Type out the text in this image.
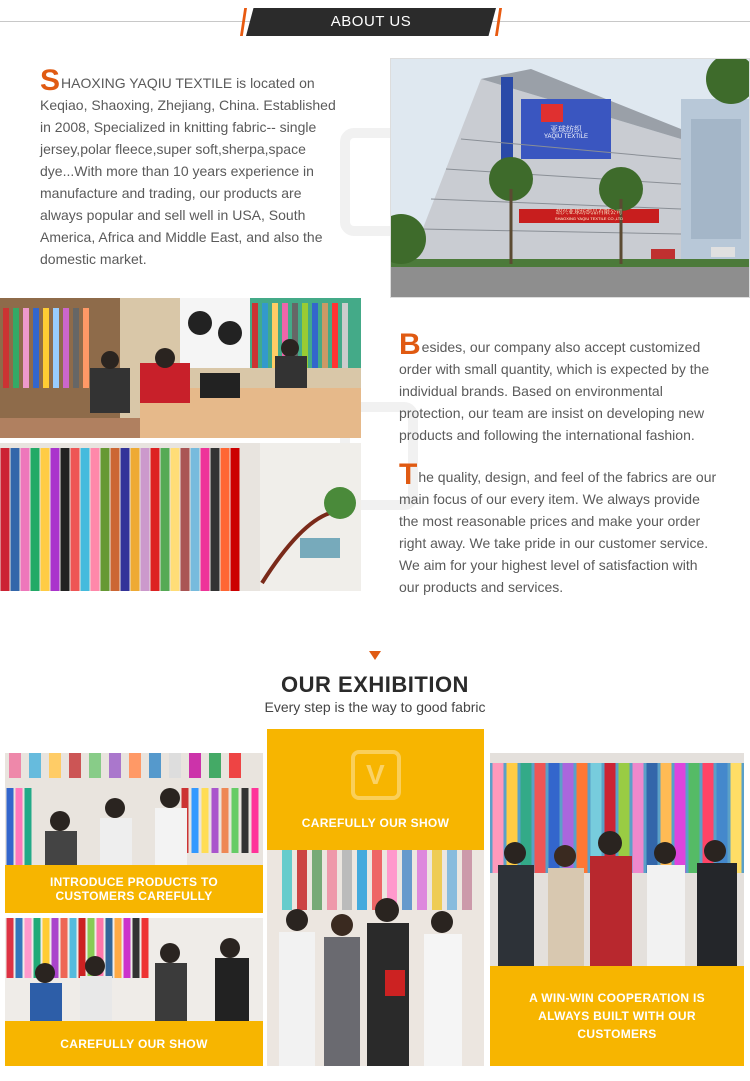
ABOUT US
SHAOXING YAQIU TEXTILE is located on Keqiao, Shaoxing, Zhejiang, China. Established in 2008, Specialized in knitting fabric-- single jersey,polar fleece,super soft,sherpa,space dye...With more than 10 years experience in manufacture and trading, our products are always popular and sell well in USA, South America, Africa and Middle East, and also the domestic market.
亚球纺织
YAQIU TEXTILE
绍兴亚球纺织品有限公司
SHAOXING YAQIU TEXTILE CO.,LTD
Besides, our company also accept customized order with small quantity, which is expected by the individual brands. Based on environmental protection, our team are insist on developing new products and following the international fashion.
The quality, design, and feel of the fabrics are our main focus of our every item. We always provide the most reasonable prices and make your order right away. We take pride in our customer service. We aim for your highest level of satisfaction with our products and services.
OUR EXHIBITION
Every step is the way to good fabric
INTRODUCE PRODUCTS TO CUSTOMERS CAREFULLY
CAREFULLY OUR SHOW
V
CAREFULLY OUR SHOW
A WIN-WIN COOPERATION IS ALWAYS BUILT WITH OUR CUSTOMERS
